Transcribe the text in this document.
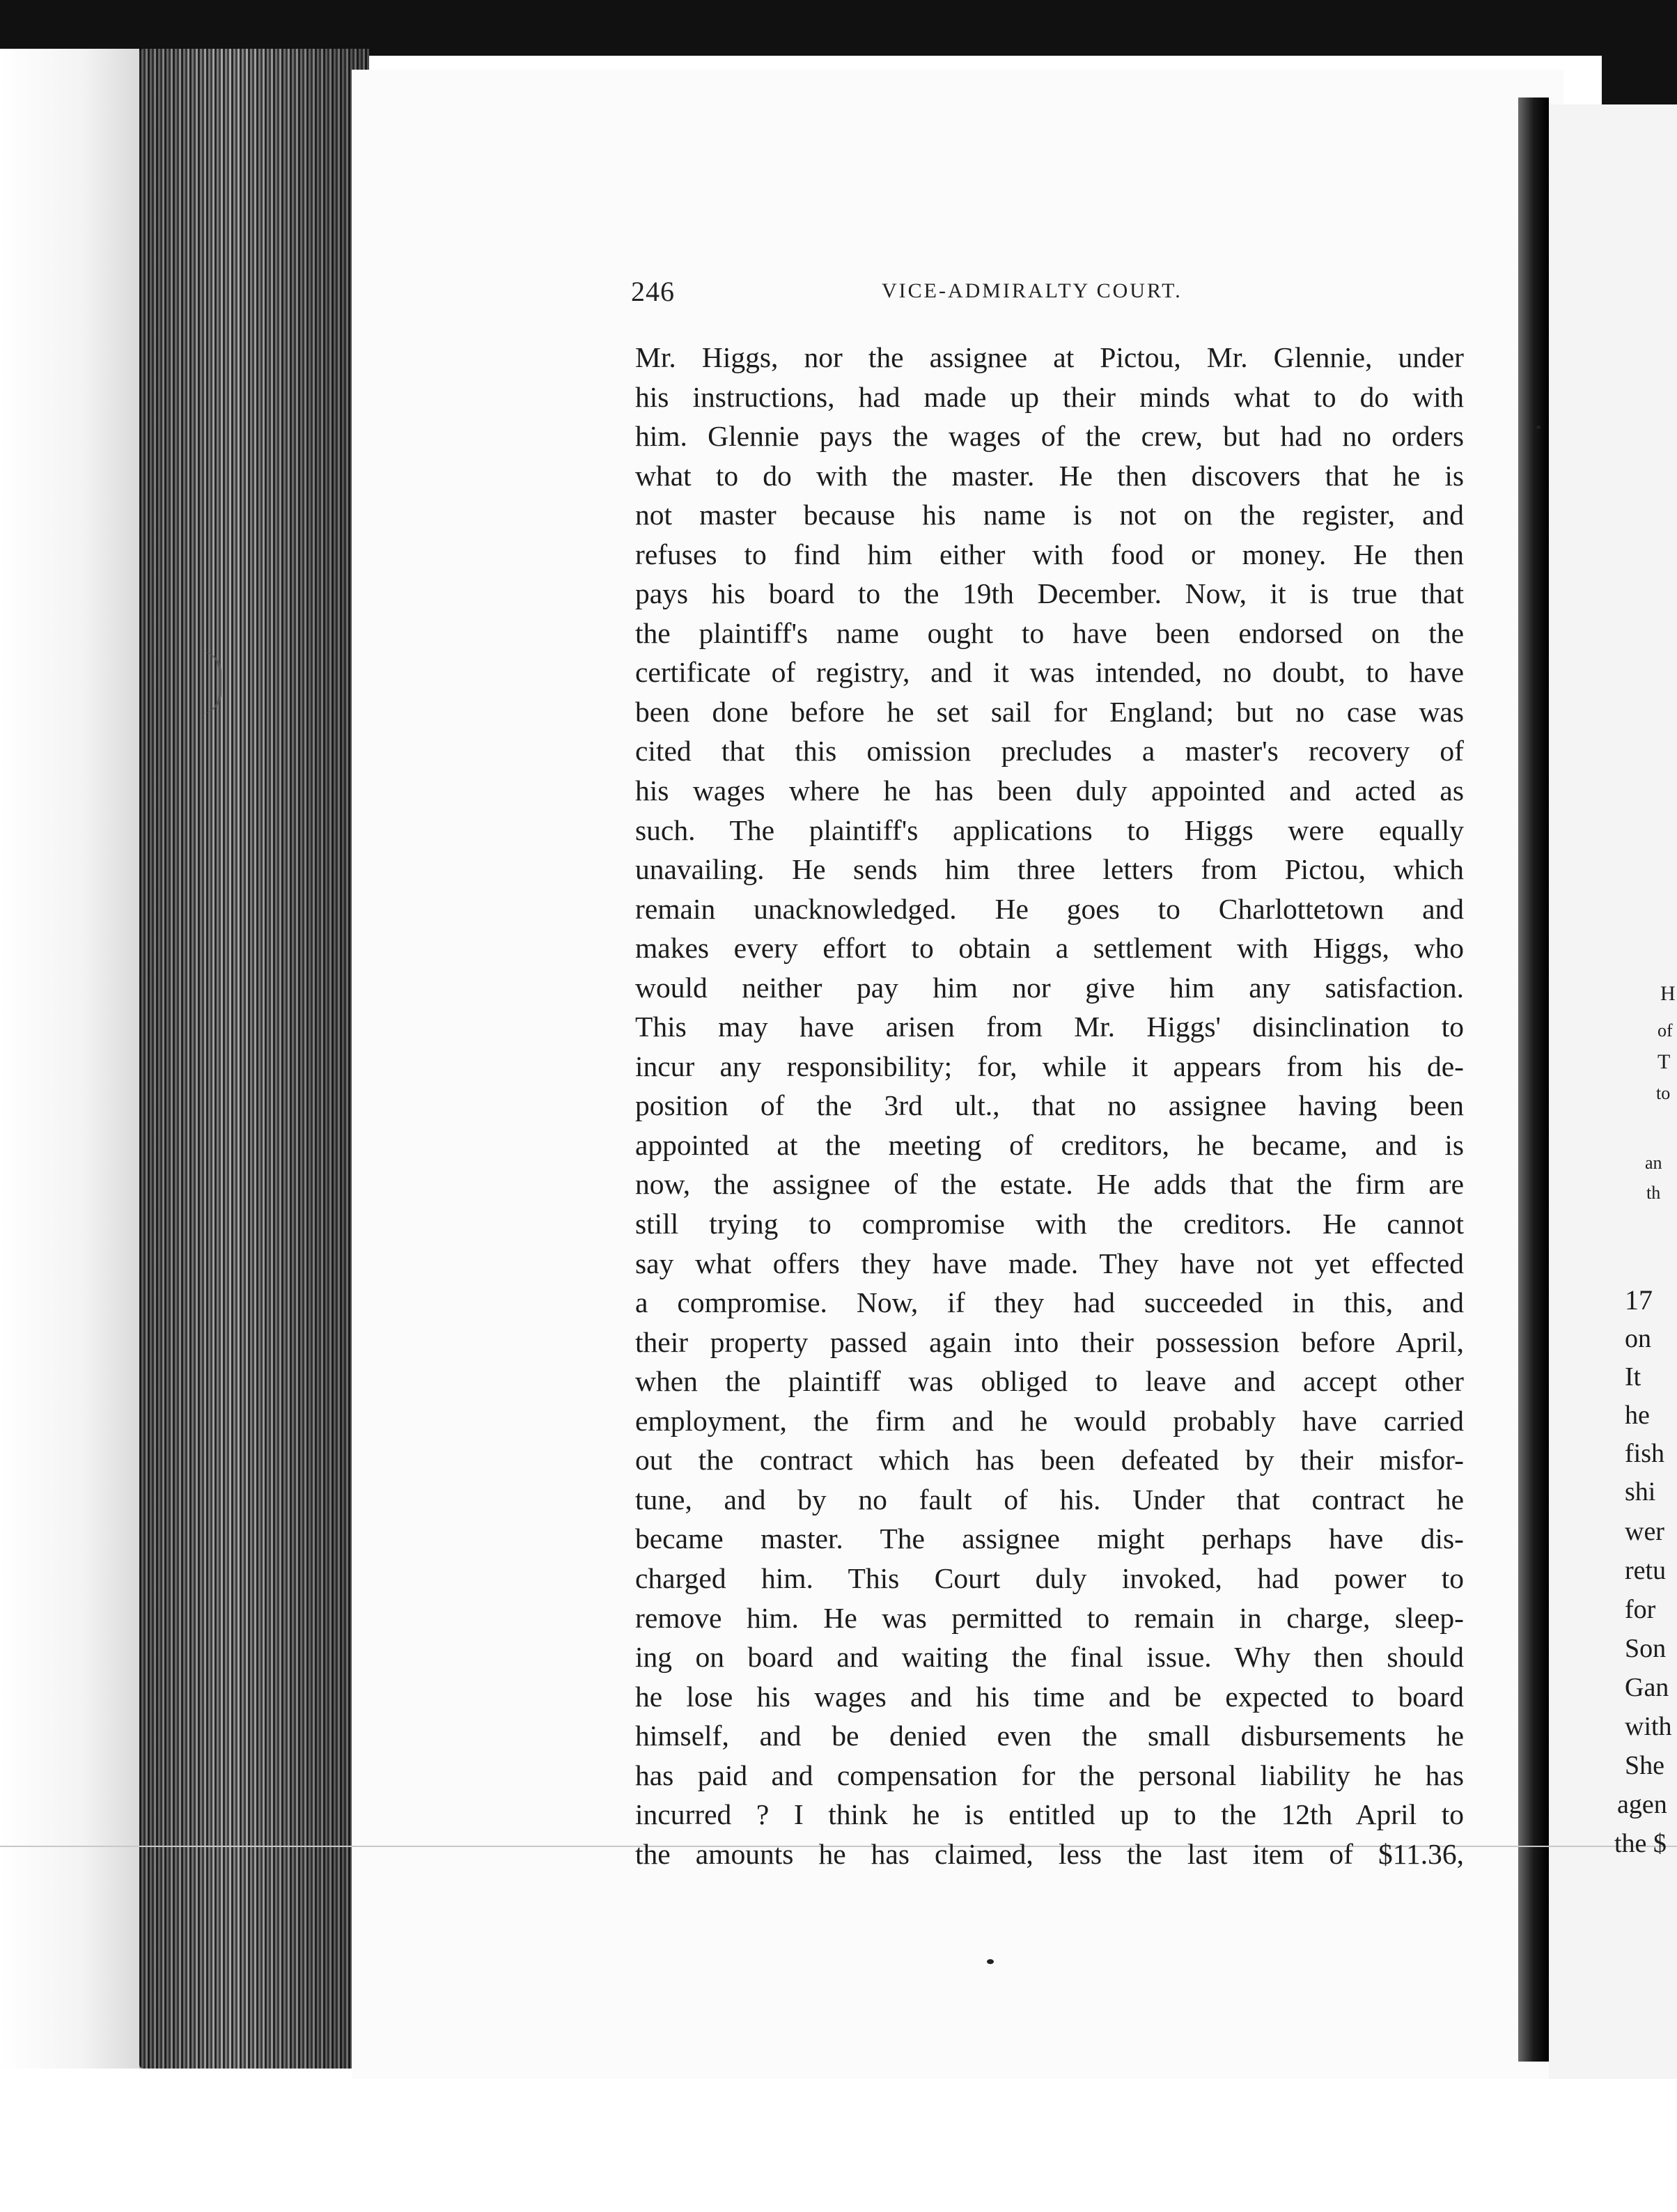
246	VICE-ADMIRALTY COURT.
Mr. Higgs, nor the assignee at Pictou, Mr. Glennie, under
his instructions, had made up their minds what to do with
him. Glennie pays the wages of the crew, but had no orders
what to do with the master. He then discovers that he is
not master because his name is not on the register, and
refuses to find him either with food or money. He then
pays his board to the 19th December. Now, it is true that
the plaintiff's name ought to have been endorsed on the
certificate of registry, and it was intended, no doubt, to have
been done before he set sail for England; but no case was
cited that this omission precludes a master's recovery of
his wages where he has been duly appointed and acted as
such. The plaintiff's applications to Higgs were equally
unavailing. He sends him three letters from Pictou, which
remain unacknowledged. He goes to Charlottetown and
makes every effort to obtain a settlement with Higgs, who
would neither pay him nor give him any satisfaction.
This may have arisen from Mr. Higgs' disinclination to
incur any responsibility; for, while it appears from his de-
position of the 3rd ult., that no assignee having been
appointed at the meeting of creditors, he became, and is
now, the assignee of the estate. He adds that the firm are
still trying to compromise with the creditors. He cannot
say what offers they have made. They have not yet effected
a compromise. Now, if they had succeeded in this, and
their property passed again into their possession before April,
when the plaintiff was obliged to leave and accept other
employment, the firm and he would probably have carried
out the contract which has been defeated by their misfor-
tune, and by no fault of his. Under that contract he
became master. The assignee might perhaps have dis-
charged him. This Court duly invoked, had power to
remove him. He was permitted to remain in charge, sleep-
ing on board and waiting the final issue. Why then should
he lose his wages and his time and be expected to board
himself, and be denied even the small disbursements he
has paid and compensation for the personal liability he has
incurred ? I think he is entitled up to the 12th April to
the amounts he has claimed, less the last item of $11.36,
H
of
T
to
an
th
17
on
It
he
fish
shi
wer
retu
for
Son
Gan
with
She
agen
the $
